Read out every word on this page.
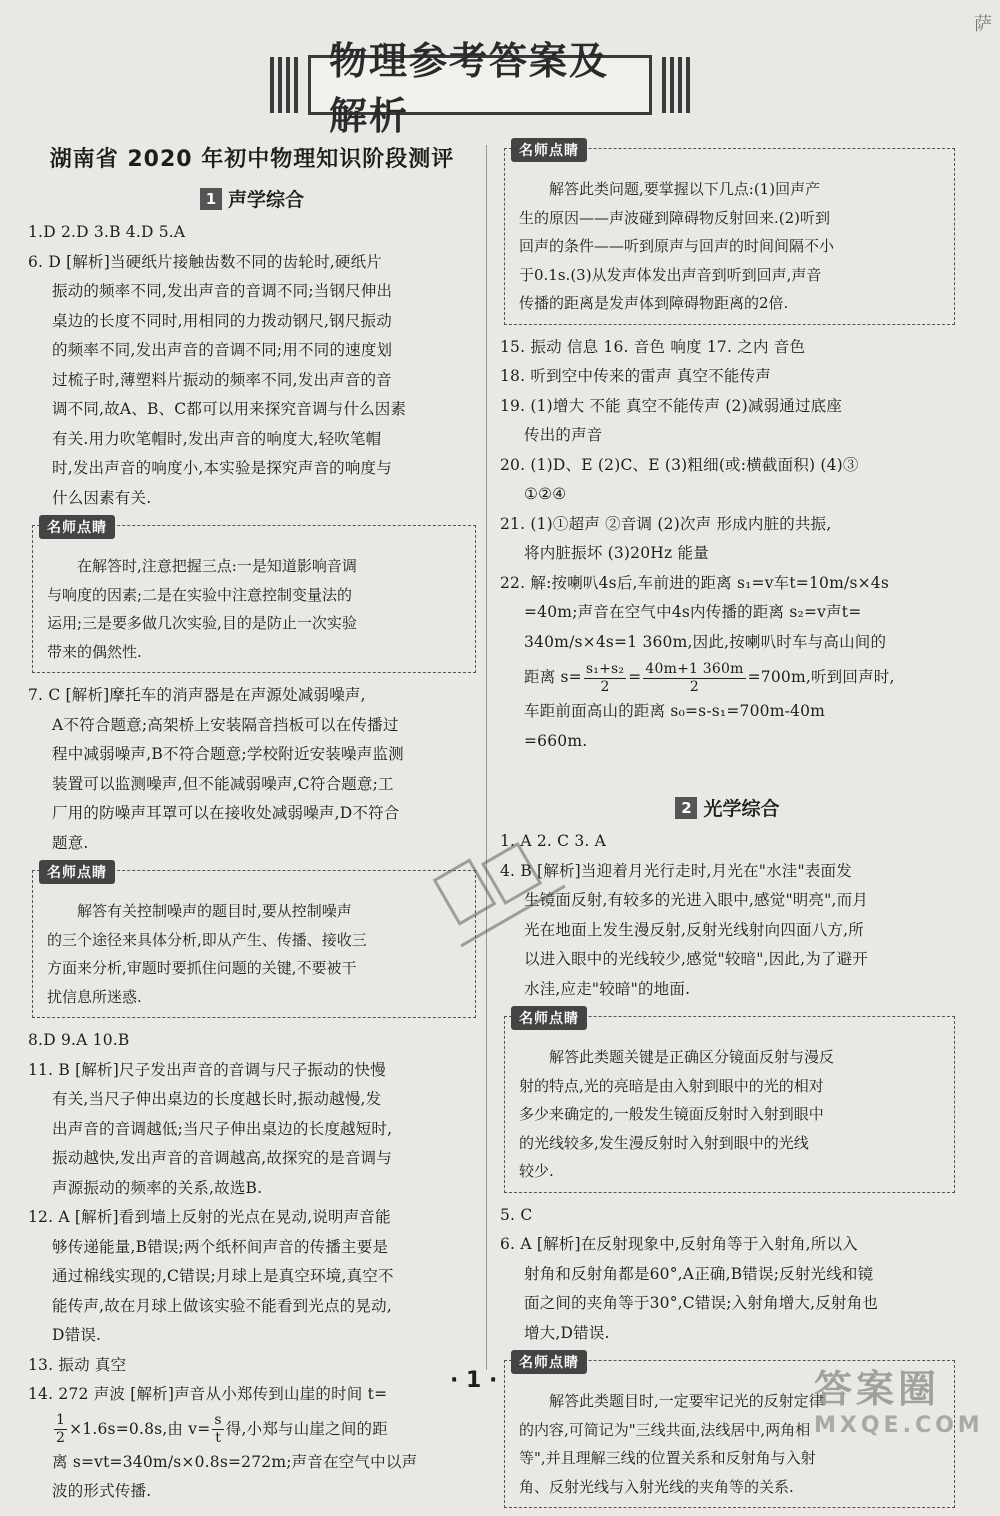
萨
物理参考答案及解析
湖南省 2020 年初中物理知识阶段测评
1 声学综合

1.D 2.D 3.B 4.D 5.A

6. D [解析]当硬纸片接触齿数不同的齿轮时,硬纸片

振动的频率不同,发出声音的音调不同;当钢尺伸出

桌边的长度不同时,用相同的力拨动钢尺,钢尺振动

的频率不同,发出声音的音调不同;用不同的速度划

过梳子时,薄塑料片振动的频率不同,发出声音的音

调不同,故A、B、C都可以用来探究音调与什么因素

有关.用力吹笔帽时,发出声音的响度大,轻吹笔帽

时,发出声音的响度小,本实验是探究声音的响度与

什么因素有关.

名师点睛

在解答时,注意把握三点:一是知道影响音调

与响度的因素;二是在实验中注意控制变量法的

运用;三是要多做几次实验,目的是防止一次实验

带来的偶然性.

7. C [解析]摩托车的消声器是在声源处减弱噪声,

A不符合题意;高架桥上安装隔音挡板可以在传播过

程中减弱噪声,B不符合题意;学校附近安装噪声监测

装置可以监测噪声,但不能减弱噪声,C符合题意;工

厂用的防噪声耳罩可以在接收处减弱噪声,D不符合

题意.

名师点睛

解答有关控制噪声的题目时,要从控制噪声

的三个途径来具体分析,即从产生、传播、接收三

方面来分析,审题时要抓住问题的关键,不要被干

扰信息所迷惑.

8.D 9.A 10.B

11. B [解析]尺子发出声音的音调与尺子振动的快慢

有关,当尺子伸出桌边的长度越长时,振动越慢,发

出声音的音调越低;当尺子伸出桌边的长度越短时,

振动越快,发出声音的音调越高,故探究的是音调与

声源振动的频率的关系,故选B.

12. A [解析]看到墙上反射的光点在晃动,说明声音能

够传递能量,B错误;两个纸杯间声音的传播主要是

通过棉线实现的,C错误;月球上是真空环境,真空不

能传声,故在月球上做该实验不能看到光点的晃动,

D错误.

13. 振动 真空

14. 272 声波 [解析]声音从小郑传到山崖的时间 t=

$\frac{1}{2} \times 1.6s=0.8s$,由 $v= \frac{s}{t}$ 得,小郑与山崖之间的距

离 s=vt=340m/s×0.8s=272m;声音在空气中以声

波的形式传播.

名师点睛

解答此类问题,要掌握以下几点:(1)回声产

生的原因——声波碰到障碍物反射回来.(2)听到

回声的条件——听到原声与回声的时间间隔不小

于0.1s.(3)从发声体发出声音到听到回声,声音

传播的距离是发声体到障碍物距离的2倍.

15. 振动 信息 16. 音色 响度 17. 之内 音色

18. 听到空中传来的雷声 真空不能传声

19. (1)增大 不能 真空不能传声 (2)减弱通过底座

传出的声音

20. (1)D、E (2)C、E (3)粗细(或:横截面积) (4)③

①②④

21. (1)①超声 ②音调 (2)次声 形成内脏的共振,

将内脏振坏 (3)20Hz 能量

22. 解:按喇叭4s后,车前进的距离 s₁=v车t=10m/s×4s

=40m;声音在空气中4s内传播的距离 s₂=v声t=

340m/s×4s=1 360m,因此,按喇叭时车与高山间的

距离 $s= \frac{\text{s₁+s₂}}{2} = \frac{40m+1 360m}{2} =700m$,听到回声时,

车距前面高山的距离 s₀=s-s₁=700m-40m

=660m.

2 光学综合

1. A 2. C 3. A

4. B [解析]当迎着月光行走时,月光在"水洼"表面发

生镜面反射,有较多的光进入眼中,感觉"明亮",而月

光在地面上发生漫反射,反射光线射向四面八方,所

以进入眼中的光线较少,感觉"较暗",因此,为了避开

水洼,应走"较暗"的地面.

名师点睛

解答此类题关键是正确区分镜面反射与漫反

射的特点,光的亮暗是由入射到眼中的光的相对

多少来确定的,一般发生镜面反射时入射到眼中

的光线较多,发生漫反射时入射到眼中的光线

较少.

5. C

6. A [解析]在反射现象中,反射角等于入射角,所以入

射角和反射角都是60°,A正确,B错误;反射光线和镜

面之间的夹角等于30°,C错误;入射角增大,反射角也

增大,D错误.

名师点睛

解答此类题目时,一定要牢记光的反射定律

的内容,可简记为"三线共面,法线居中,两角相

等",并且理解三线的位置关系和反射角与入射

角、反射光线与入射光线的夹角等的关系.

· 1 ·	答案圈
MXQE.COM
